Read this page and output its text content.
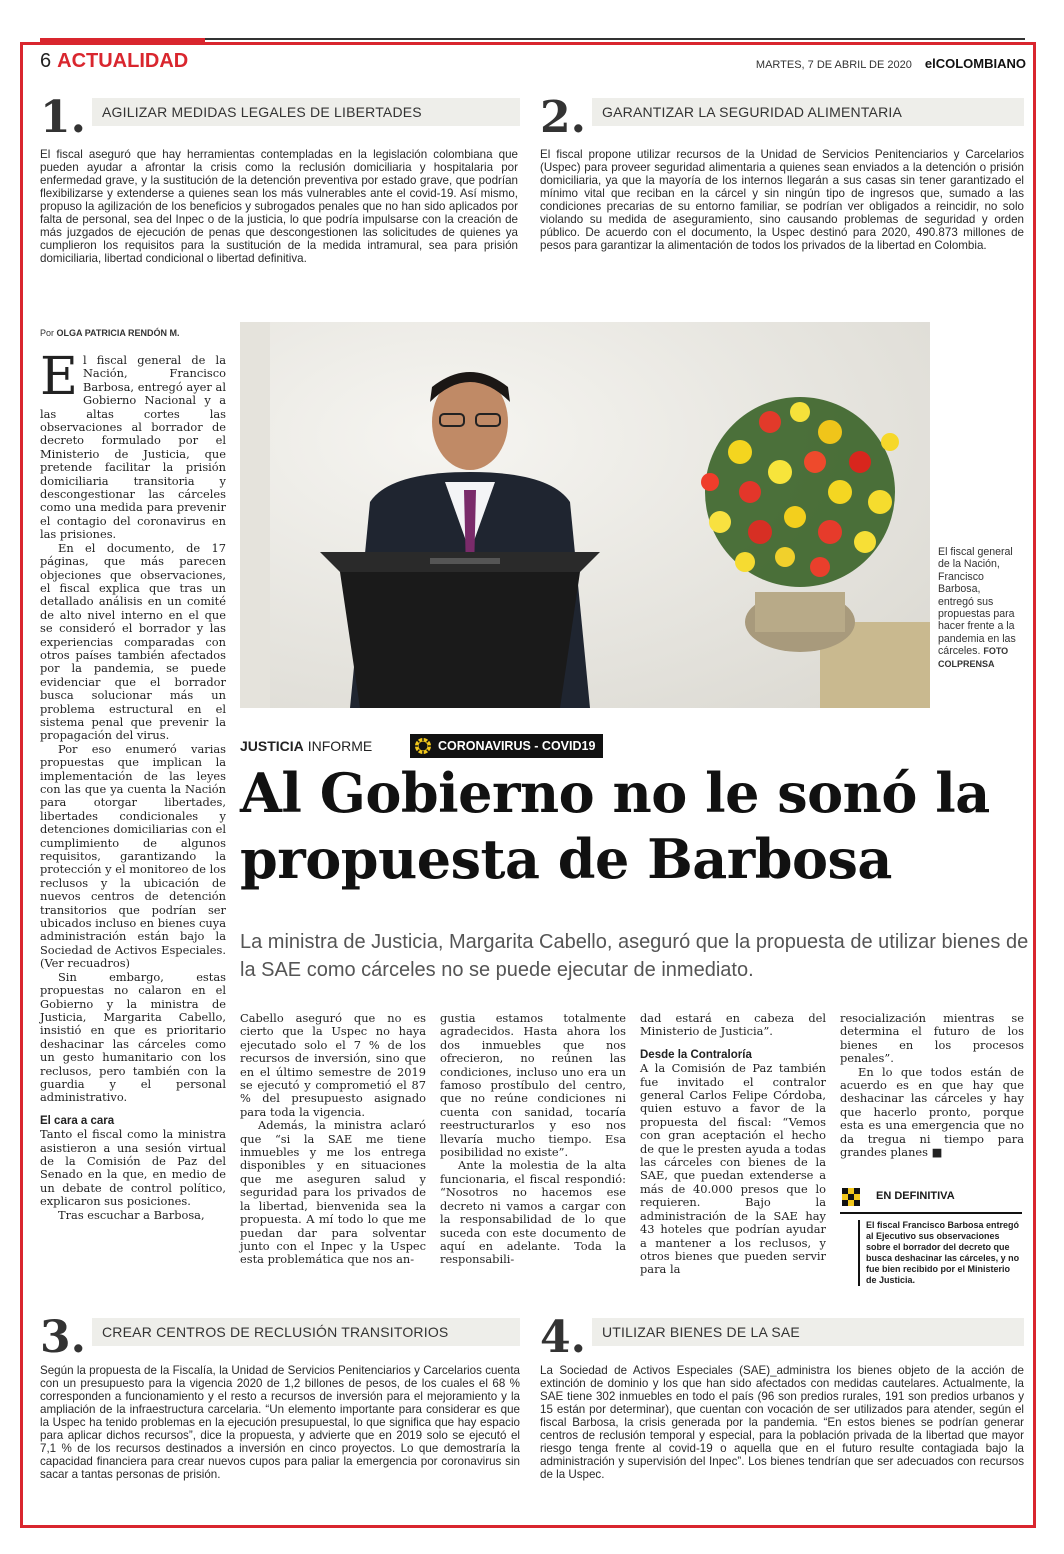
6 ACTUALIDAD	MARTES, 7 DE ABRIL DE 2020 elCOLOMBIANO
1.	AGILIZAR MEDIDAS LEGALES DE LIBERTADES
El fiscal aseguró que hay herramientas contempladas en la legislación colombiana que pueden ayudar a afrontar la crisis como la reclusión domiciliaria y hospitalaria por enfermedad grave, y la sustitución de la detención preventiva por estado grave, que podrían flexibilizarse y extenderse a quienes sean los más vulnerables ante el covid-19. Así mismo, propuso la agilización de los beneficios y subrogados penales que no han sido aplicados por falta de personal, sea del Inpec o de la justicia, lo que podría impulsarse con la creación de más juzgados de ejecución de penas que descongestionen las solicitudes de quienes ya cumplieron los requisitos para la sustitución de la medida intramural, sea para prisión domiciliaria, libertad condicional o libertad definitiva.
2.	GARANTIZAR LA SEGURIDAD ALIMENTARIA
El fiscal propone utilizar recursos de la Unidad de Servicios Penitenciarios y Carcelarios (Uspec) para proveer seguridad alimentaria a quienes sean enviados a la detención o prisión domiciliaria, ya que la mayoría de los internos llegarán a sus casas sin tener garantizado el mínimo vital que reciban en la cárcel y sin ningún tipo de ingresos que, sumado a las condiciones precarias de su entorno familiar, se podrían ver obligados a reincidir, no solo violando su medida de aseguramiento, sino causando problemas de seguridad y orden público. De acuerdo con el documento, la Uspec destinó para 2020, 490.873 millones de pesos para garantizar la alimentación de todos los privados de la libertad en Colombia.
Por OLGA PATRICIA RENDÓN M.

El fiscal general de la Nación, Francisco Barbosa, entregó ayer al Gobierno Nacional y a las altas cortes las observaciones al borrador de decreto formulado por el Ministerio de Justicia, que pretende facilitar la prisión domiciliaria transitoria y descongestionar las cárceles como una medida para prevenir el contagio del coronavirus en las prisiones.

En el documento, de 17 páginas, que más parecen objeciones que observaciones, el fiscal explica que tras un detallado análisis en un comité de alto nivel interno en el que se consideró el borrador y las experiencias comparadas con otros países también afectados por la pandemia, se puede evidenciar que el borrador busca solucionar más un problema estructural en el sistema penal que prevenir la propagación del virus.

Por eso enumeró varias propuestas que implican la implementación de las leyes con las que ya cuenta la Nación para otorgar libertades, libertades condicionales y detenciones domiciliarias con el cumplimiento de algunos requisitos, garantizando la protección y el monitoreo de los reclusos y la ubicación de nuevos centros de detención transitorios que podrían ser ubicados incluso en bienes cuya administración están bajo la Sociedad de Activos Especiales. (Ver recuadros)

Sin embargo, estas propuestas no calaron en el Gobierno y la ministra de Justicia, Margarita Cabello, insistió en que es prioritario deshacinar las cárceles como un gesto humanitario con los reclusos, pero también con la guardia y el personal administrativo.

El cara a cara

Tanto el fiscal como la ministra asistieron a una sesión virtual de la Comisión de Paz del Senado en la que, en medio de un debate de control político, explicaron sus posiciones.

Tras escuchar a Barbosa,

El fiscal general de la Nación, Francisco Barbosa, entregó sus propuestas para hacer frente a la pandemia en las cárceles. FOTO COLPRENSA
JUSTICIA INFORME	CORONAVIRUS - COVID19
Al Gobierno no le sonó la propuesta de Barbosa
La ministra de Justicia, Margarita Cabello, aseguró que la propuesta de utilizar bienes de la SAE como cárceles no se puede ejecutar de inmediato.

Cabello aseguró que no es cierto que la Uspec no haya ejecutado solo el 7 % de los recursos de inversión, sino que en el último semestre de 2019 se ejecutó y comprometió el 87 % del presupuesto asignado para toda la vigencia.

Además, la ministra aclaró que “si la SAE me tiene inmuebles y me los entrega disponibles y en situaciones que me aseguren salud y seguridad para los privados de la libertad, bienvenida sea la propuesta. A mí todo lo que me puedan dar para solventar junto con el Inpec y la Uspec esta problemática que nos an-

gustia estamos totalmente agradecidos. Hasta ahora los dos inmuebles que nos ofrecieron, no reúnen las condiciones, incluso uno era un famoso prostíbulo del centro, que no reúne condiciones ni cuenta con sanidad, tocaría reestructurarlos y eso nos llevaría mucho tiempo. Esa posibilidad no existe”.

Ante la molestia de la alta funcionaria, el fiscal respondió: “Nosotros no hacemos ese decreto ni vamos a cargar con la responsabilidad de lo que suceda con este documento de aquí en adelante. Toda la responsabili-

dad estará en cabeza del Ministerio de Justicia”.

Desde la Contraloría

A la Comisión de Paz también fue invitado el contralor general Carlos Felipe Córdoba, quien estuvo a favor de la propuesta del fiscal: “Vemos con gran aceptación el hecho de que le presten ayuda a todas las cárceles con bienes de la SAE, que puedan extenderse a más de 40.000 presos que lo requieren. Bajo la administración de la SAE hay 43 hoteles que podrían ayudar a mantener a los reclusos, y otros bienes que pueden servir para la

resocialización mientras se determina el futuro de los bienes en los procesos penales”.

En lo que todos están de acuerdo es en que hay que deshacinar las cárceles y hay que hacerlo pronto, porque esta es una emergencia que no da tregua ni tiempo para grandes planes ■

EN DEFINITIVA
El fiscal Francisco Barbosa entregó al Ejecutivo sus observaciones sobre el borrador del decreto que busca deshacinar las cárceles, y no fue bien recibido por el Ministerio de Justicia.
3.	CREAR CENTROS DE RECLUSIÓN TRANSITORIOS
Según la propuesta de la Fiscalía, la Unidad de Servicios Penitenciarios y Carcelarios cuenta con un presupuesto para la vigencia 2020 de 1,2 billones de pesos, de los cuales el 68 % corresponden a funcionamiento y el resto a recursos de inversión para el mejoramiento y la ampliación de la infraestructura carcelaria. “Un elemento importante para considerar es que la Uspec ha tenido problemas en la ejecución presupuestal, lo que significa que hay espacio para aplicar dichos recursos”, dice la propuesta, y advierte que en 2019 solo se ejecutó el 7,1 % de los recursos destinados a inversión en cinco proyectos. Lo que demostraría la capacidad financiera para crear nuevos cupos para paliar la emergencia por coronavirus sin sacar a tantas personas de prisión.
4.	UTILIZAR BIENES DE LA SAE
La Sociedad de Activos Especiales (SAE)_administra los bienes objeto de la acción de extinción de dominio y los que han sido afectados con medidas cautelares. Actualmente, la SAE tiene 302 inmuebles en todo el país (96 son predios rurales, 191 son predios urbanos y 15 están por determinar), que cuentan con vocación de ser utilizados para atender, según el fiscal Barbosa, la crisis generada por la pandemia. “En estos bienes se podrían generar centros de reclusión temporal y especial, para la población privada de la libertad que mayor riesgo tenga frente al covid-19 o aquella que en el futuro resulte contagiada bajo la administración y supervisión del Inpec”. Los bienes tendrían que ser adecuados con recursos de la Uspec.
